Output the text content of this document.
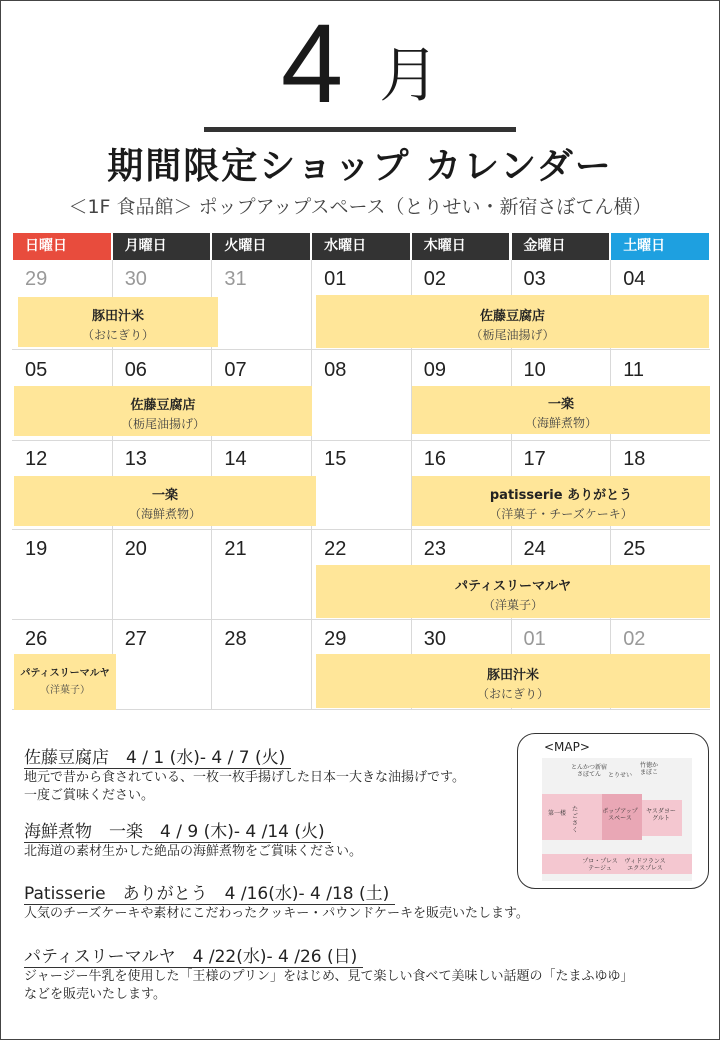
4 月
期間限定ショップ カレンダー
＜1F 食品館＞ ポップアップスペース（とりせい・新宿さぼてん横）
日曜日	月曜日	火曜日	水曜日	木曜日	金曜日	土曜日
29	30	31	01	02	03	04
05	06	07	08	09	10	11
12	13	14	15	16	17	18
19	20	21	22	23	24	25
26	27	28	29	30	01	02
豚田汁米
（おにぎり）
佐藤豆腐店
（栃尾油揚げ）
佐藤豆腐店
（栃尾油揚げ）
一楽
（海鮮煮物）
一楽
（海鮮煮物）
patisserie ありがとう
（洋菓子・チーズケーキ）
パティスリーマルヤ
（洋菓子）
パティスリーマルヤ
（洋菓子）
豚田汁米
（おにぎり）
佐藤豆腐店　4 / 1 (水)- 4 / 7 (火)
地元で昔から食されている、一枚一枚手揚げした日本一大きな油揚げです。
一度ご賞味ください。
海鮮煮物　一楽　4 / 9 (木)- 4 /14 (火)
北海道の素材生かした絶品の海鮮煮物をご賞味ください。
Patisserie　ありがとう　4 /16(水)- 4 /18 (土)
人気のチーズケーキや素材にこだわったクッキー・パウンドケーキを販売いたします。
パティスリーマルヤ　4 /22(水)- 4 /26 (日)
ジャージー牛乳を使用した「王様のプリン」をはじめ、見て楽しい食べて美味しい話題の「たまふゆゆ」
などを販売いたします。
<MAP>
とんかつ新宿さぼてん	とりせい
竹徳かまぼこ
第一楼
たごさく
ポップアップスペース
ヤスダヨーグルト
プロ・プレステージュ
ヴィドフランスエクスプレス
